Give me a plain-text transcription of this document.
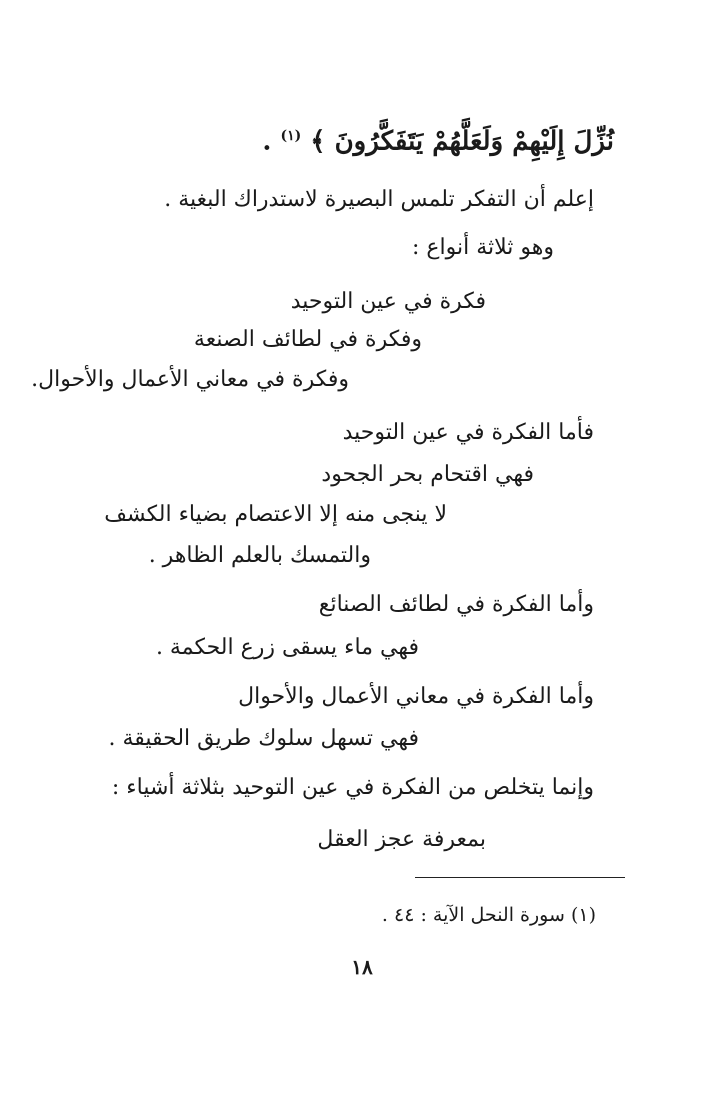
نُزِّلَ إِلَيْهِمْ وَلَعَلَّهُمْ يَتَفَكَّرُونَ ﴾ $^{(١)}$ .
إعلم أن التفكر تلمس البصيرة لاستدراك البغية .
وهو ثلاثة أنواع :
فكرة في عين التوحيد
وفكرة في لطائف الصنعة
وفكرة في معاني الأعمال والأحوال.
فأما الفكرة في عين التوحيد
فهي اقتحام بحر الجحود
لا ينجى منه إلا الاعتصام بضياء الكشف
والتمسك بالعلم الظاهر .
وأما الفكرة في لطائف الصنائع
فهي ماء يسقى زرع الحكمة .
وأما الفكرة في معاني الأعمال والأحوال
فهي تسهل سلوك طريق الحقيقة .
وإنما يتخلص من الفكرة في عين التوحيد بثلاثة أشياء :
بمعرفة عجز العقل
(١) سورة النحل الآية : ٤٤ .
١٨
